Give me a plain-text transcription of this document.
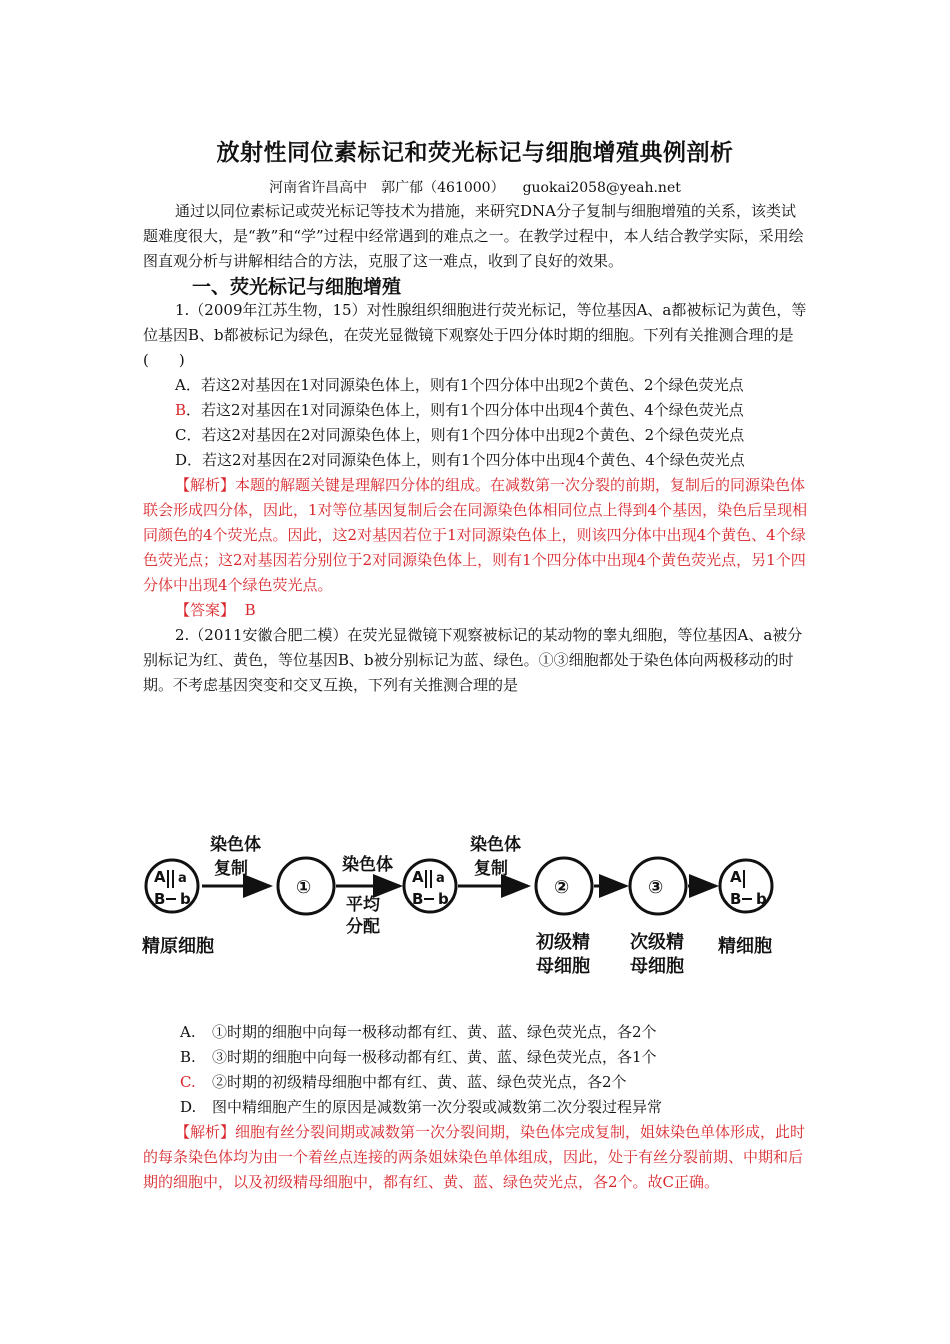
放射性同位素标记和荧光标记与细胞增殖典例剖析
河南省许昌高中　郭广郁（461000） guokai2058@yeah.net

通过以同位素标记或荧光标记等技术为措施，来研究DNA分子复制与细胞增殖的关系，该类试题难度很大，是“教”和“学”过程中经常遇到的难点之一。在教学过程中，本人结合教学实际，采用绘图直观分析与讲解相结合的方法，克服了这一难点，收到了良好的效果。

一、荧光标记与细胞增殖

1.（2009年江苏生物，15）对性腺组织细胞进行荧光标记，等位基因A、a都被标记为黄色，等位基因B、b都被标记为绿色，在荧光显微镜下观察处于四分体时期的细胞。下列有关推测合理的是(　　)

A．若这2对基因在1对同源染色体上，则有1个四分体中出现2个黄色、2个绿色荧光点

B．若这2对基因在1对同源染色体上，则有1个四分体中出现4个黄色、4个绿色荧光点

C．若这2对基因在2对同源染色体上，则有1个四分体中出现2个黄色、2个绿色荧光点

D．若这2对基因在2对同源染色体上，则有1个四分体中出现4个黄色、4个绿色荧光点

【解析】本题的解题关键是理解四分体的组成。在减数第一次分裂的前期，复制后的同源染色体联会形成四分体，因此，1对等位基因复制后会在同源染色体相同位点上得到4个基因，染色后呈现相同颜色的4个荧光点。因此，这2对基因若位于1对同源染色体上，则该四分体中出现4个黄色、4个绿色荧光点；这2对基因若分别位于2对同源染色体上，则有1个四分体中出现4个黄色荧光点，另1个四分体中出现4个绿色荧光点。

【答案】 B

2.（2011安徽合肥二模）在荧光显微镜下观察被标记的某动物的睾丸细胞，等位基因A、a被分别标记为红、黄色，等位基因B、b被分别标记为蓝、绿色。①③细胞都处于染色体向两极移动的时期。不考虑基因突变和交叉互换，下列有关推测合理的是

A a
B b
精原细胞
染色体
复制
①
染色体
平均
分配
A a
B b
染色体
复制
②
初级精
母细胞
③
次级精
母细胞
A
B b
精细胞

A. ①时期的细胞中向每一极移动都有红、黄、蓝、绿色荧光点，各2个

B. ③时期的细胞中向每一极移动都有红、黄、蓝、绿色荧光点，各1个

C. ②时期的初级精母细胞中都有红、黄、蓝、绿色荧光点，各2个

D. 图中精细胞产生的原因是减数第一次分裂或减数第二次分裂过程异常

【解析】细胞有丝分裂间期或减数第一次分裂间期，染色体完成复制，姐妹染色单体形成，此时的每条染色体均为由一个着丝点连接的两条姐妹染色单体组成，因此，处于有丝分裂前期、中期和后期的细胞中，以及初级精母细胞中，都有红、黄、蓝、绿色荧光点，各2个。故C正确。
